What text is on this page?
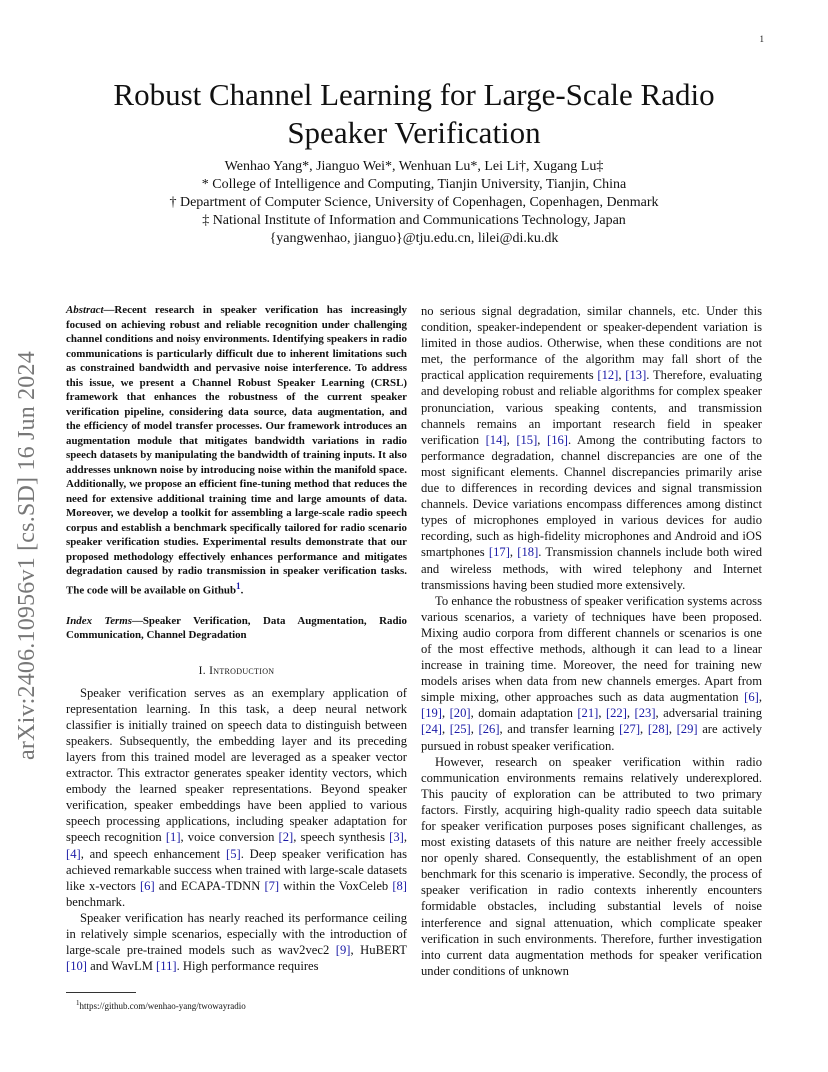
1
arXiv:2406.10956v1 [cs.SD] 16 Jun 2024
Robust Channel Learning for Large-Scale Radio
Speaker Verification
Wenhao Yang*, Jianguo Wei*, Wenhuan Lu*, Lei Li†, Xugang Lu‡
* College of Intelligence and Computing, Tianjin University, Tianjin, China
† Department of Computer Science, University of Copenhagen, Copenhagen, Denmark
‡ National Institute of Information and Communications Technology, Japan
{yangwenhao, jianguo}@tju.edu.cn, lilei@di.ku.dk

Abstract—Recent research in speaker verification has increasingly focused on achieving robust and reliable recognition under challenging channel conditions and noisy environments. Identifying speakers in radio communications is particularly difficult due to inherent limitations such as constrained bandwidth and pervasive noise interference. To address this issue, we present a Channel Robust Speaker Learning (CRSL) framework that enhances the robustness of the current speaker verification pipeline, considering data source, data augmentation, and the efficiency of model transfer processes. Our framework introduces an augmentation module that mitigates bandwidth variations in radio speech datasets by manipulating the bandwidth of training inputs. It also addresses unknown noise by introducing noise within the manifold space. Additionally, we propose an efficient fine-tuning method that reduces the need for extensive additional training time and large amounts of data. Moreover, we develop a toolkit for assembling a large-scale radio speech corpus and establish a benchmark specifically tailored for radio scenario speaker verification studies. Experimental results demonstrate that our proposed methodology effectively enhances performance and mitigates degradation caused by radio transmission in speaker verification tasks. The code will be available on Github$^1$.

Index Terms—Speaker Verification, Data Augmentation, Radio Communication, Channel Degradation

I. Introduction

Speaker verification serves as an exemplary application of representation learning. In this task, a deep neural network classifier is initially trained on speech data to distinguish between speakers. Subsequently, the embedding layer and its preceding layers from this trained model are leveraged as a speaker vector extractor. This extractor generates speaker identity vectors, which embody the learned speaker representations. Beyond speaker verification, speaker embeddings have been applied to various speech processing applications, including speaker adaptation for speech recognition [1], voice conversion [2], speech synthesis [3], [4], and speech enhancement [5]. Deep speaker verification has achieved remarkable success when trained with large-scale datasets like x-vectors [6] and ECAPA-TDNN [7] within the VoxCeleb [8] benchmark.

Speaker verification has nearly reached its performance ceiling in relatively simple scenarios, especially with the introduction of large-scale pre-trained models such as wav2vec2 [9], HuBERT [10] and WavLM [11]. High performance requires

no serious signal degradation, similar channels, etc. Under this condition, speaker-independent or speaker-dependent variation is limited in those audios. Otherwise, when these conditions are not met, the performance of the algorithm may fall short of the practical application requirements [12], [13]. Therefore, evaluating and developing robust and reliable algorithms for complex speaker pronunciation, various speaking contents, and transmission channels remains an important research field in speaker verification [14], [15], [16]. Among the contributing factors to performance degradation, channel discrepancies are one of the most significant elements. Channel discrepancies primarily arise due to differences in recording devices and signal transmission channels. Device variations encompass differences among distinct types of microphones employed in various devices for audio recording, such as high-fidelity microphones and Android and iOS smartphones [17], [18]. Transmission channels include both wired and wireless methods, with wired telephony and Internet transmissions having been studied more extensively.

To enhance the robustness of speaker verification systems across various scenarios, a variety of techniques have been proposed. Mixing audio corpora from different channels or scenarios is one of the most effective methods, although it can lead to a linear increase in training time. Moreover, the need for training new models arises when data from new channels emerges. Apart from simple mixing, other approaches such as data augmentation [6], [19], [20], domain adaptation [21], [22], [23], adversarial training [24], [25], [26], and transfer learning [27], [28], [29] are actively pursued in robust speaker verification.

However, research on speaker verification within radio communication environments remains relatively underexplored. This paucity of exploration can be attributed to two primary factors. Firstly, acquiring high-quality radio speech data suitable for speaker verification purposes poses significant challenges, as most existing datasets of this nature are neither freely accessible nor openly shared. Consequently, the establishment of an open benchmark for this scenario is imperative. Secondly, the process of speaker verification in radio contexts inherently encounters formidable obstacles, including substantial levels of noise interference and signal attenuation, which complicate speaker verification in such environments. Therefore, further investigation into current data augmentation methods for speaker verification under conditions of unknown

$^1$https://github.com/wenhao-yang/twowayradio
